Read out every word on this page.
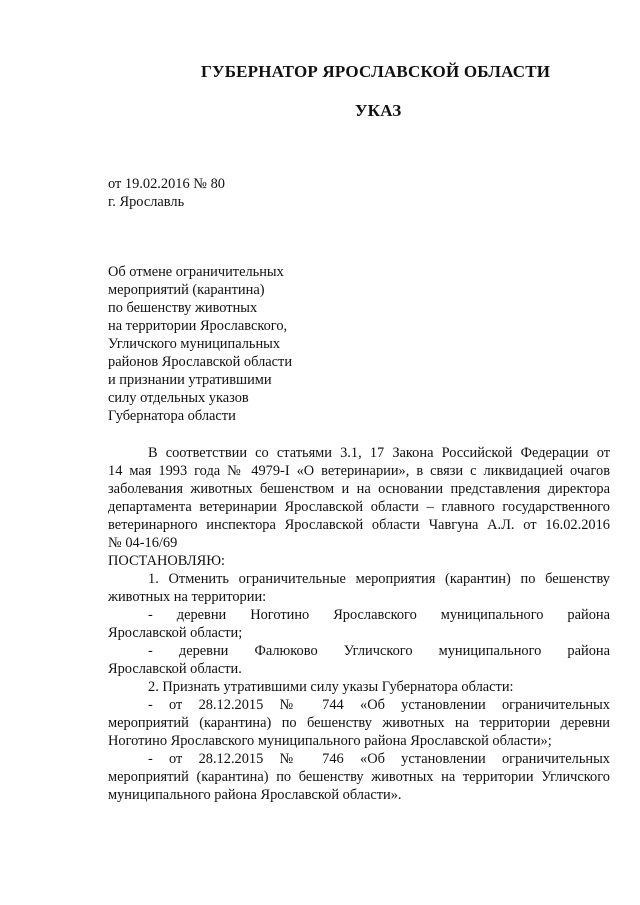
ГУБЕРНАТОР ЯРОСЛАВСКОЙ ОБЛАСТИ
УКАЗ
от 19.02.2016 № 80
г. Ярославль
Об отмене ограничительных
мероприятий (карантина)
по бешенству животных
на территории Ярославского,
Угличского муниципальных
районов Ярославской области
и признании утратившими
силу отдельных указов
Губернатора области
В соответствии со статьями 3.1, 17 Закона Российской Федерации от
14 мая 1993 года № 4979-I «О ветеринарии», в связи с ликвидацией очагов
заболевания животных бешенством и на основании представления директора
департамента ветеринарии Ярославской области – главного государственного
ветеринарного инспектора Ярославской области Чавгуна А.Л. от 16.02.2016
№ 04-16/69
ПОСТАНОВЛЯЮ:
1. Отменить ограничительные мероприятия (карантин) по бешенству
животных на территории:
- деревни Ноготино Ярославского муниципального района
Ярославской области;
- деревни Фалюково Угличского муниципального района
Ярославской области.
2. Признать утратившими силу указы Губернатора области:
- от 28.12.2015 № 744 «Об установлении ограничительных
мероприятий (карантина) по бешенству животных на территории деревни
Ноготино Ярославского муниципального района Ярославской области»;
- от 28.12.2015 № 746 «Об установлении ограничительных
мероприятий (карантина) по бешенству животных на территории Угличского
муниципального района Ярославской области».
